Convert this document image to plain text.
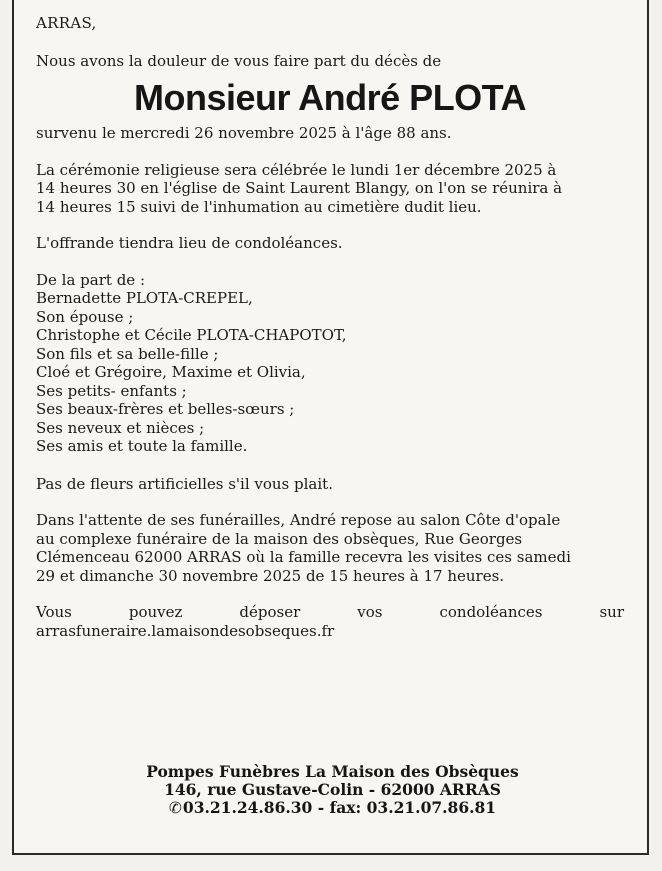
ARRAS,

Nous avons la douleur de vous faire part du décès de

Monsieur André PLOTA

survenu le mercredi 26 novembre 2025 à l'âge 88 ans.

La cérémonie religieuse sera célébrée le lundi 1er décembre 2025 à
14 heures 30 en l'église de Saint Laurent Blangy, on l'on se réunira à
14 heures 15 suivi de l'inhumation au cimetière dudit lieu.

L'offrande tiendra lieu de condoléances.

De la part de :
Bernadette PLOTA-CREPEL,
Son épouse ;
Christophe et Cécile PLOTA-CHAPOTOT,
Son fils et sa belle-fille ;
Cloé et Grégoire, Maxime et Olivia,
Ses petits- enfants ;
Ses beaux-frères et belles-sœurs ;
Ses neveux et nièces ;
Ses amis et toute la famille.

Pas de fleurs artificielles s'il vous plait.

Dans l'attente de ses funérailles, André repose au salon Côte d'opale
au complexe funéraire de la maison des obsèques, Rue Georges
Clémenceau 62000 ARRAS où la famille recevra les visites ces samedi
29 et dimanche 30 novembre 2025 de 15 heures à 17 heures.

Vous	pouvez	déposer	vos	condoléances	sur
arrasfuneraire.lamaisondesobseques.fr
Pompes Funèbres La Maison des Obsèques
146, rue Gustave-Colin - 62000 ARRAS
✆03.21.24.86.30 - fax: 03.21.07.86.81
